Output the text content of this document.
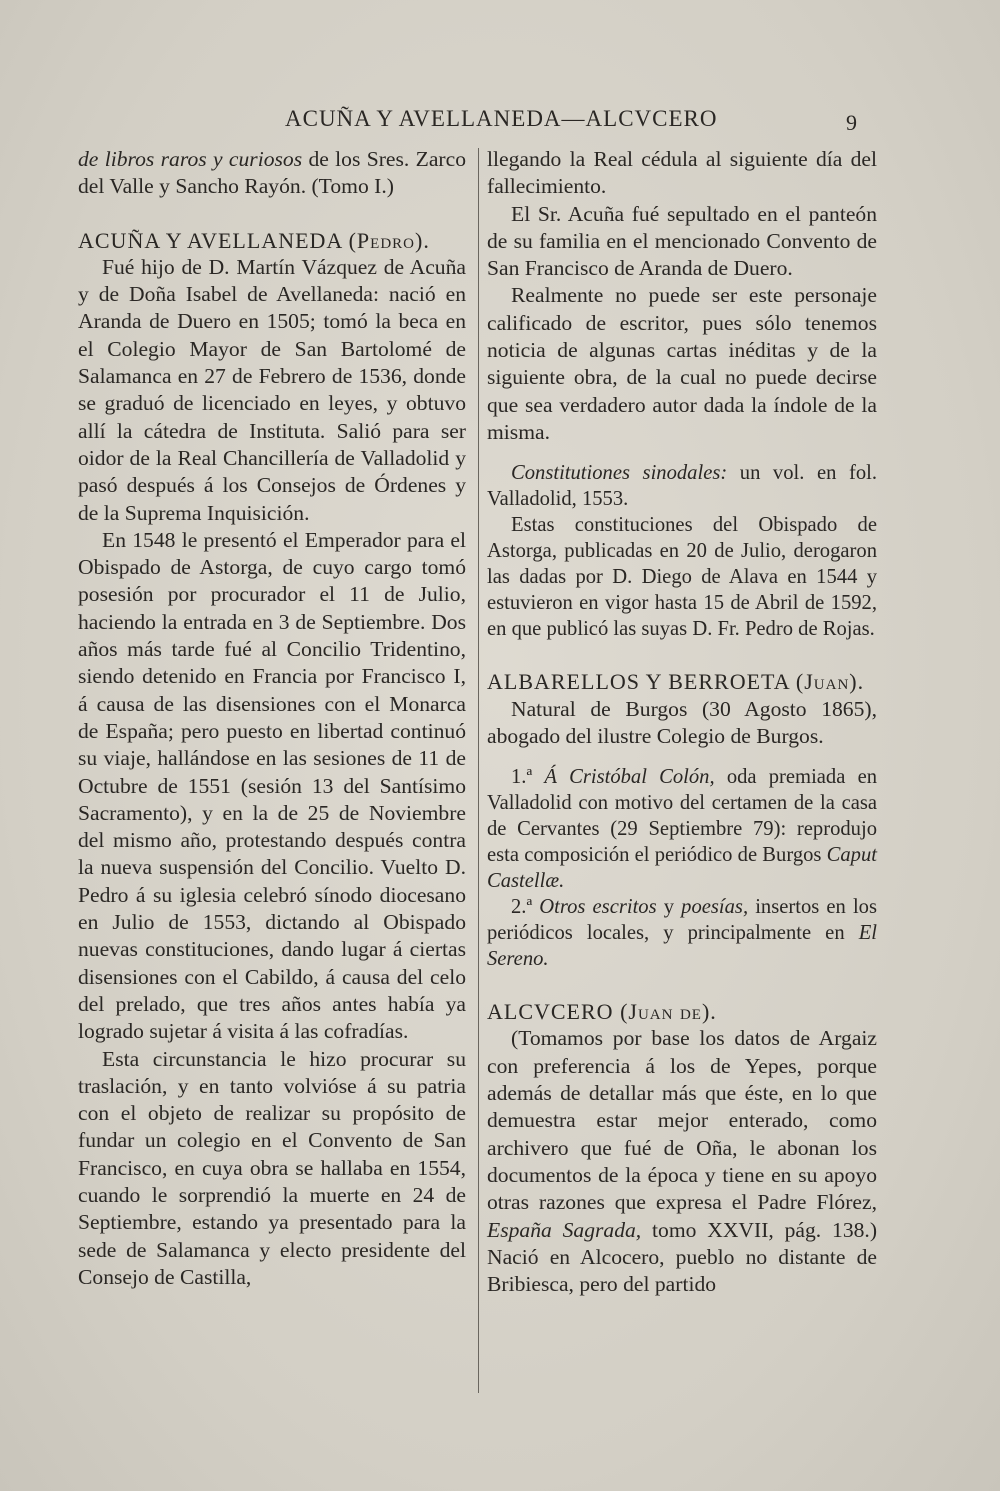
ACUÑA Y AVELLANEDA—ALCVCERO	9

de libros raros y curiosos de los Sres. Zarco del Valle y Sancho Rayón. (Tomo I.)

ACUÑA Y AVELLANEDA (Pedro).

Fué hijo de D. Martín Vázquez de Acuña y de Doña Isabel de Avellaneda: nació en Aranda de Duero en 1505; tomó la beca en el Colegio Mayor de San Bartolomé de Salamanca en 27 de Febrero de 1536, donde se graduó de licenciado en leyes, y obtuvo allí la cátedra de Instituta. Salió para ser oidor de la Real Chancillería de Valladolid y pasó después á los Consejos de Órdenes y de la Suprema Inquisición.

En 1548 le presentó el Emperador para el Obispado de Astorga, de cuyo cargo tomó posesión por procurador el 11 de Julio, haciendo la entrada en 3 de Septiembre. Dos años más tarde fué al Concilio Tridentino, siendo detenido en Francia por Francisco I, á causa de las disensiones con el Monarca de España; pero puesto en libertad continuó su viaje, hallándose en las sesiones de 11 de Octubre de 1551 (sesión 13 del Santísimo Sacramento), y en la de 25 de Noviembre del mismo año, protestando después contra la nueva suspensión del Concilio. Vuelto D. Pedro á su iglesia celebró sínodo diocesano en Julio de 1553, dictando al Obispado nuevas constituciones, dando lugar á ciertas disensiones con el Cabildo, á causa del celo del prelado, que tres años antes había ya logrado sujetar á visita á las cofradías.

Esta circunstancia le hizo procurar su traslación, y en tanto volvióse á su patria con el objeto de realizar su propósito de fundar un colegio en el Convento de San Francisco, en cuya obra se hallaba en 1554, cuando le sorprendió la muerte en 24 de Septiembre, estando ya presentado para la sede de Salamanca y electo presidente del Consejo de Castilla,

llegando la Real cédula al siguiente día del fallecimiento.

El Sr. Acuña fué sepultado en el panteón de su familia en el mencionado Convento de San Francisco de Aranda de Duero.

Realmente no puede ser este personaje calificado de escritor, pues sólo tenemos noticia de algunas cartas inéditas y de la siguiente obra, de la cual no puede decirse que sea verdadero autor dada la índole de la misma.

Constitutiones sinodales: un vol. en fol. Valladolid, 1553.

Estas constituciones del Obispado de Astorga, publicadas en 20 de Julio, derogaron las dadas por D. Diego de Alava en 1544 y estuvieron en vigor hasta 15 de Abril de 1592, en que publicó las suyas D. Fr. Pedro de Rojas.

ALBARELLOS Y BERROETA (Juan).

Natural de Burgos (30 Agosto 1865), abogado del ilustre Colegio de Burgos.

1.ª Á Cristóbal Colón, oda premiada en Valladolid con motivo del certamen de la casa de Cervantes (29 Septiembre 79): reprodujo esta composición el periódico de Burgos Caput Castellæ.

2.ª Otros escritos y poesías, insertos en los periódicos locales, y principalmente en El Sereno.

ALCVCERO (Juan de).

(Tomamos por base los datos de Argaiz con preferencia á los de Yepes, porque además de detallar más que éste, en lo que demuestra estar mejor enterado, como archivero que fué de Oña, le abonan los documentos de la época y tiene en su apoyo otras razones que expresa el Padre Flórez, España Sagrada, tomo XXVII, pág. 138.) Nació en Alcocero, pueblo no distante de Bribiesca, pero del partido
